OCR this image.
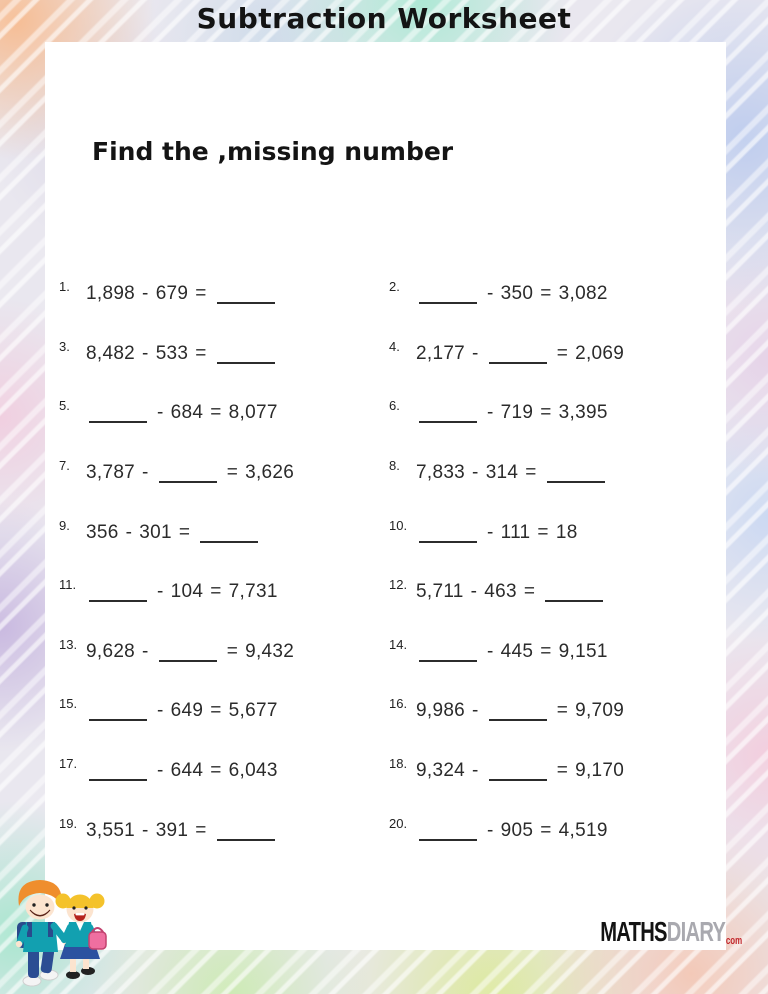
Subtraction Worksheet
Find the ,missing number
1. 1,898 - 679 =	2.	- 350 = 3,082
3. 8,482 - 533 =	4. 2,177 -	= 2,069
5.	- 684 = 8,077	6.	- 719 = 3,395
7. 3,787 -	= 3,626	8. 7,833 - 314 =
9. 356 - 301 =	10.	- 111 = 18
11.	- 104 = 7,731	12. 5,711 - 463 =
13. 9,628 -	= 9,432	14.	- 445 = 9,151
15.	- 649 = 5,677	16. 9,986 -	= 9,709
17.	- 644 = 6,043	18. 9,324 -	= 9,170
19. 3,551 - 391 =	20.	- 905 = 4,519
MATHSDIARYcom
